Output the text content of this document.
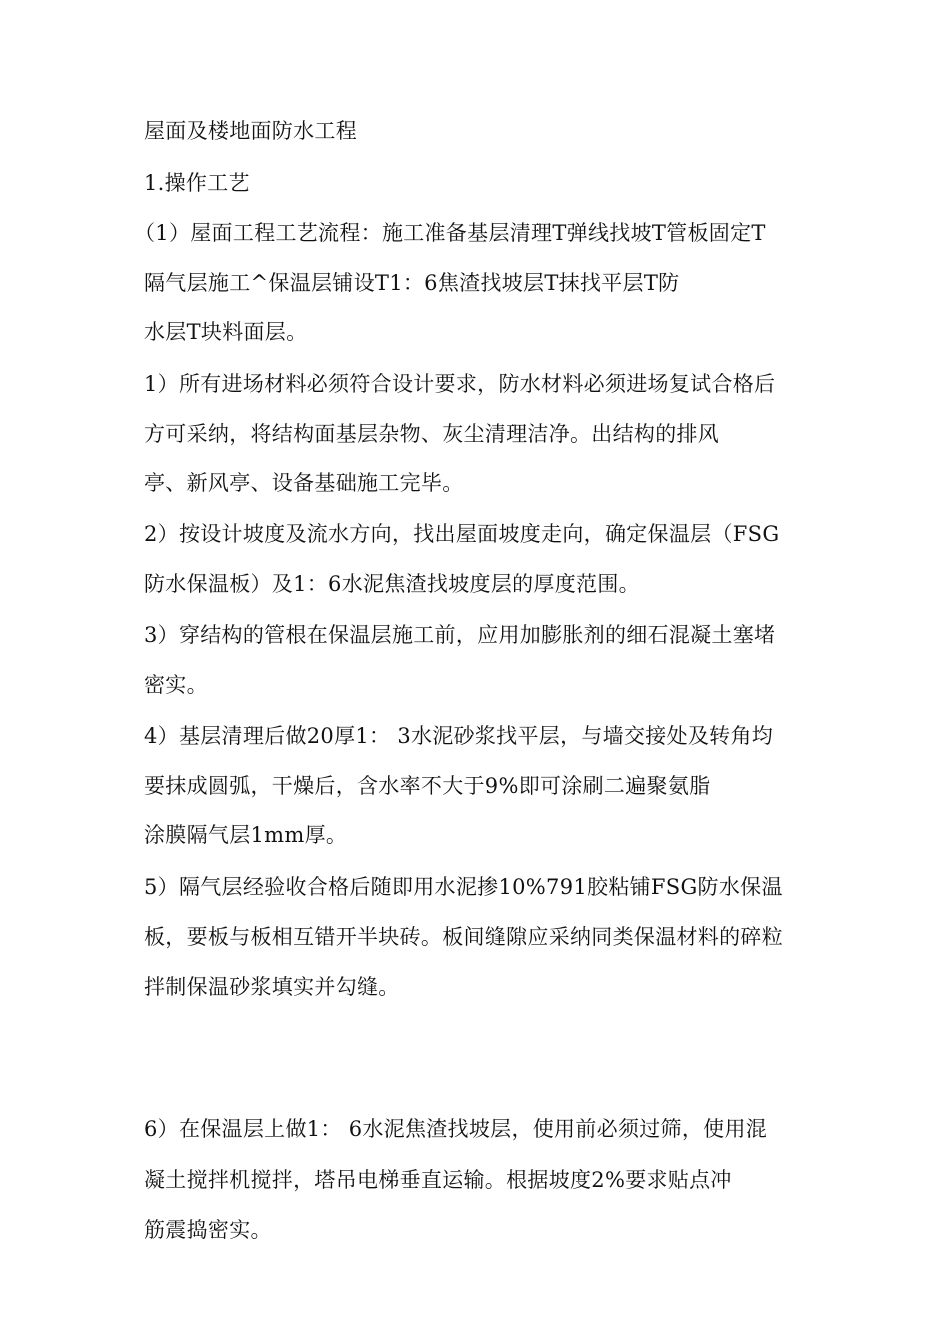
屋面及楼地面防水工程
1.操作工艺
（1）屋面工程工艺流程：施工准备基层清理T弹线找坡T管板固定T
隔气层施工^保温层铺设T1：6焦渣找坡层T抹找平层T防
水层T块料面层。
1）所有进场材料必须符合设计要求，防水材料必须进场复试合格后
方可采纳，将结构面基层杂物、灰尘清理洁净。出结构的排风
亭、新风亭、设备基础施工完毕。
2）按设计坡度及流水方向，找出屋面坡度走向，确定保温层（FSG
防水保温板）及1：6水泥焦渣找坡度层的厚度范围。
3）穿结构的管根在保温层施工前，应用加膨胀剂的细石混凝土塞堵
密实。
4）基层清理后做20厚1： 3水泥砂浆找平层，与墙交接处及转角均
要抹成圆弧，干燥后，含水率不大于9%即可涂刷二遍聚氨脂
涂膜隔气层1mm厚。
5）隔气层经验收合格后随即用水泥掺10%791胶粘铺FSG防水保温
板，要板与板相互错开半块砖。板间缝隙应采纳同类保温材料的碎粒
拌制保温砂浆填实并勾缝。
6）在保温层上做1： 6水泥焦渣找坡层，使用前必须过筛，使用混
凝土搅拌机搅拌，塔吊电梯垂直运输。根据坡度2%要求贴点冲
筋震捣密实。
